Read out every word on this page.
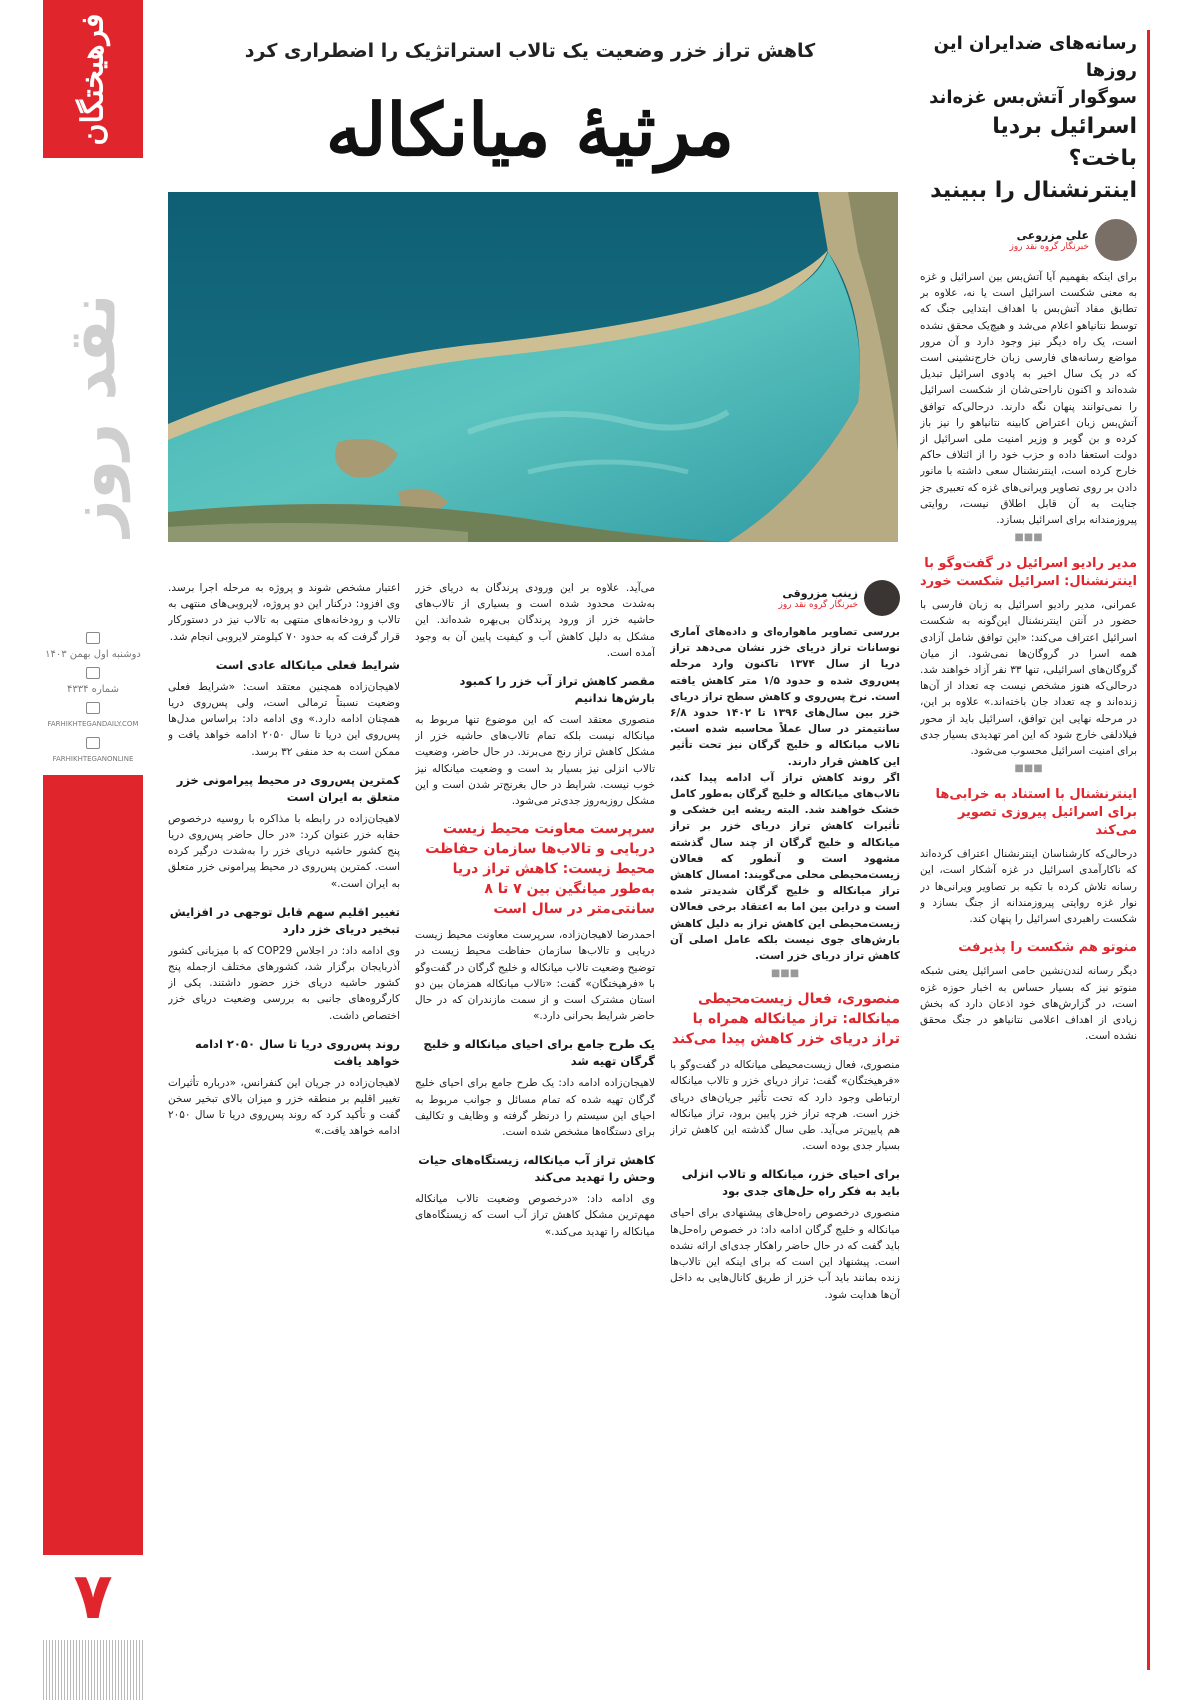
فرهیختگان
نقد روز
دوشنبه اول بهمن ۱۴۰۳
شماره ۴۳۳۴
FARHIKHTEGANDAILY.COM
FARHIKHTEGANONLINE
۷
رسانه‌های ضدایران این روزها
سوگوار آتش‌بس غزه‌اند
اسرائیل بردیا باخت؟
اینترنشنال را ببینید
علی مزروعی
خبرنگار گروه نقد روز

برای اینکه بفهمیم آیا آتش‌بس بین اسرائیل و غزه به معنی شکست اسرائیل است یا نه، علاوه بر تطابق مفاد آتش‌بس با اهداف ابتدایی جنگ که توسط نتانیاهو اعلام می‌شد و هیچ‌یک محقق نشده است، یک راه دیگر نیز وجود دارد و آن مرور مواضع رسانه‌های فارسی زبان خارج‌نشینی است که در یک سال اخیر به پادوی اسرائیل تبدیل شده‌اند و اکنون ناراحتی‌شان از شکست اسرائیل را نمی‌توانند پنهان نگه دارند. درحالی‌که توافق آتش‌بس زبان اعتراض کابینه نتانیاهو را نیز باز کرده و بن گویر و وزیر امنیت ملی اسرائیل از دولت استعفا داده و حزب خود را از ائتلاف حاکم خارج کرده است، اینترنشنال سعی داشته با مانور دادن بر روی تصاویر ویرانی‌های غزه که تعبیری جز جنایت به آن قابل اطلاق نیست، روایتی پیروزمندانه برای اسرائیل بسازد.

■■■
مدیر رادیو اسرائیل در گفت‌وگو با اینترنشنال: اسرائیل شکست خورد

عمرانی، مدیر رادیو اسرائیل به زبان فارسی با حضور در آنتن اینترنشنال این‌گونه به شکست اسرائیل اعتراف می‌کند: «این توافق شامل آزادی همه اسرا در گروگان‌ها نمی‌شود. از میان گروگان‌های اسرائیلی، تنها ۳۳ نفر آزاد خواهند شد. درحالی‌که هنوز مشخص نیست چه تعداد از آن‌ها زنده‌اند و چه تعداد جان باخته‌اند.» علاوه بر این، در مرحله نهایی این توافق، اسرائیل باید از محور فیلادلفی خارج شود که این امر تهدیدی بسیار جدی برای امنیت اسرائیل محسوب می‌شود.

■■■
اینترنشنال با استناد به خرابی‌ها برای اسرائیل پیروزی تصویر می‌کند

درحالی‌که کارشناسان اینترنشنال اعتراف کرده‌اند که ناکارآمدی اسرائیل در غزه آشکار است، این رسانه تلاش کرده با تکیه بر تصاویر ویرانی‌ها در نوار غزه روایتی پیروزمندانه از جنگ بسازد و شکست راهبردی اسرائیل را پنهان کند.

منوتو هم شکست را پذیرفت

دیگر رسانه لندن‌نشین حامی اسرائیل یعنی شبکه منوتو نیز که بسیار حساس به اخبار حوزه غزه است، در گزارش‌های خود اذعان دارد که بخش زیادی از اهداف اعلامی نتانیاهو در جنگ محقق نشده است.

کاهش تراز خزر وضعیت یک تالاب استراتژیک را اضطراری کرد
مرثیهٔ میانکاله
زینب مزروقی
خبرنگار گروه نقد روز

بررسی تصاویر ماهواره‌ای و داده‌های آماری نوسانات تراز دریای خزر نشان می‌دهد تراز دریا از سال ۱۳۷۴ تاکنون وارد مرحله پس‌روی شده و حدود ۱/۵ متر کاهش یافته است. نرخ پس‌روی و کاهش سطح تراز دریای خزر بین سال‌های ۱۳۹۶ تا ۱۴۰۲ حدود ۶/۸ سانتیمتر در سال عملاً محاسبه شده است. تالاب میانکاله و خلیج گرگان نیز تحت تأثیر این کاهش قرار دارند.

اگر روند کاهش تراز آب ادامه پیدا کند، تالاب‌های میانکاله و خلیج گرگان به‌طور کامل خشک خواهند شد. البته ریشه این خشکی و تأثیرات کاهش تراز دریای خزر بر تراز میانکاله و خلیج گرگان از چند سال گذشته مشهود است و آنطور که فعالان زیست‌محیطی محلی می‌گویند: امسال کاهش تراز میانکاله و خلیج گرگان شدیدتر شده است و دراین بین اما به اعتقاد برخی فعالان زیست‌محیطی این کاهش تراز به دلیل کاهش بارش‌های جوی نیست بلکه عامل اصلی آن کاهش تراز دریای خزر است.

■■■
منصوری، فعال زیست‌محیطی میانکاله: تراز میانکاله همراه با تراز دریای خزر کاهش پیدا می‌کند

منصوری، فعال زیست‌محیطی میانکاله در گفت‌وگو با «فرهیختگان» گفت: تراز دریای خزر و تالاب میانکاله ارتباطی وجود دارد که تحت تأثیر جریان‌های دریای خزر است. هرچه تراز خزر پایین برود، تراز میانکاله هم پایین‌تر می‌آید. طی سال گذشته این کاهش تراز بسیار جدی بوده است.

برای احیای خزر، میانکاله و تالاب انزلی باید به فکر راه حل‌های جدی بود

منصوری درخصوص راه‌حل‌های پیشنهادی برای احیای میانکاله و خلیج گرگان ادامه داد: در خصوص راه‌حل‌ها باید گفت که در حال حاضر راهکار جدی‌ای ارائه نشده است. پیشنهاد این است که برای اینکه این تالاب‌ها زنده بمانند باید آب خزر از طریق کانال‌هایی به داخل آن‌ها هدایت شود.

می‌آید. علاوه بر این ورودی پرندگان به دریای خزر به‌شدت محدود شده است و بسیاری از تالاب‌های حاشیه خزر از ورود پرندگان بی‌بهره شده‌اند. این مشکل به دلیل کاهش آب و کیفیت پایین آن به وجود آمده است.

مقصر کاهش تراز آب خزر را کمبود بارش‌ها ندانیم

منصوری معتقد است که این موضوع تنها مربوط به میانکاله نیست بلکه تمام تالاب‌های حاشیه خزر از مشکل کاهش تراز رنج می‌برند. در حال حاضر، وضعیت تالاب انزلی نیز بسیار بد است و وضعیت میانکاله نیز خوب نیست. شرایط در حال بغرنج‌تر شدن است و این مشکل روزبه‌روز جدی‌تر می‌شود.

سرپرست معاونت محیط زیست دریایی و تالاب‌ها سازمان حفاظت محیط زیست: کاهش تراز دریا به‌طور میانگین بین ۷ تا ۸ سانتی‌متر در سال است

احمدرضا لاهیجان‌زاده، سرپرست معاونت محیط زیست دریایی و تالاب‌ها سازمان حفاظت محیط زیست در توضیح وضعیت تالاب میانکاله و خلیج گرگان در گفت‌وگو با «فرهیختگان» گفت: «تالاب میانکاله همزمان بین دو استان مشترک است و از سمت مازندران که در حال حاضر شرایط بحرانی دارد.»

یک طرح جامع برای احیای میانکاله و خلیج گرگان تهیه شد

لاهیجان‌زاده ادامه داد: یک طرح جامع برای احیای خلیج گرگان تهیه شده که تمام مسائل و جوانب مربوط به احیای این سیستم را درنظر گرفته و وظایف و تکالیف برای دستگاه‌ها مشخص شده است.

کاهش تراز آب میانکاله، زیستگاه‌های حیات وحش را تهدید می‌کند

وی ادامه داد: «درخصوص وضعیت تالاب میانکاله مهم‌ترین مشکل کاهش تراز آب است که زیستگاه‌های میانکاله را تهدید می‌کند.»

اعتبار مشخص شوند و پروژه به مرحله اجرا برسد. وی افزود: درکنار این دو پروژه، لایروبی‌های منتهی به تالاب و رودخانه‌های منتهی به تالاب نیز در دستورکار قرار گرفت که به حدود ۷۰ کیلومتر لایروبی انجام شد.

شرایط فعلی میانکاله عادی است

لاهیجان‌زاده همچنین معتقد است: «شرایط فعلی وضعیت نسبتاً ترمالی است، ولی پس‌روی دریا همچنان ادامه دارد.» وی ادامه داد: براساس مدل‌ها پس‌روی این دریا تا سال ۲۰۵۰ ادامه خواهد یافت و ممکن است به حد منفی ۳۲ برسد.

کمترین پس‌روی در محیط پیرامونی خزر متعلق به ایران است

لاهیجان‌زاده در رابطه با مذاکره با روسیه درخصوص حقابه خزر عنوان کرد: «در حال حاضر پس‌روی دریا پنج کشور حاشیه دریای خزر را به‌شدت درگیر کرده است. کمترین پس‌روی در محیط پیرامونی خزر متعلق به ایران است.»

تغییر اقلیم سهم قابل توجهی در افزایش تبخیر دریای خزر دارد

وی ادامه داد: در اجلاس COP29 که با میزبانی کشور آذربایجان برگزار شد، کشورهای مختلف ازجمله پنج کشور حاشیه دریای خزر حضور داشتند. یکی از کارگروه‌های جانبی به بررسی وضعیت دریای خزر اختصاص داشت.

روند پس‌روی دریا تا سال ۲۰۵۰ ادامه خواهد یافت

لاهیجان‌زاده در جریان این کنفرانس، «درباره تأثیرات تغییر اقلیم بر منطقه خزر و میزان بالای تبخیر سخن گفت و تأکید کرد که روند پس‌روی دریا تا سال ۲۰۵۰ ادامه خواهد یافت.»
